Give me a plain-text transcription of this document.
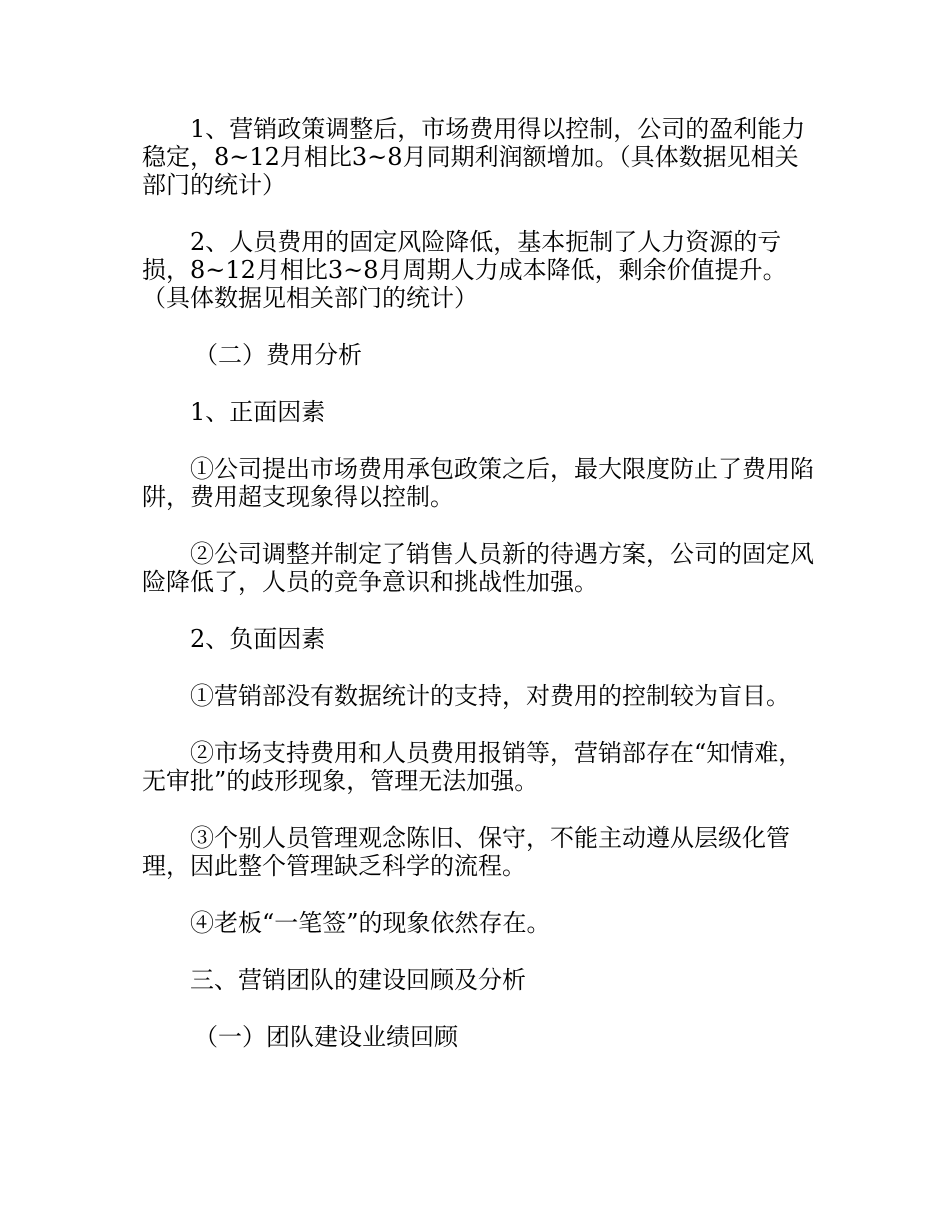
1、营销政策调整后，市场费用得以控制，公司的盈利能力稳定，8~12月相比3~8月同期利润额增加。（具体数据见相关部门的统计）

2、人员费用的固定风险降低，基本扼制了人力资源的亏损，8~12月相比3~8月周期人力成本降低，剩余价值提升。（具体数据见相关部门的统计）

（二）费用分析

1、正面因素

①公司提出市场费用承包政策之后，最大限度防止了费用陷阱，费用超支现象得以控制。

②公司调整并制定了销售人员新的待遇方案，公司的固定风险降低了，人员的竞争意识和挑战性加强。

2、负面因素

①营销部没有数据统计的支持，对费用的控制较为盲目。

②市场支持费用和人员费用报销等，营销部存在“知情难，无审批”的歧形现象，管理无法加强。

③个别人员管理观念陈旧、保守，不能主动遵从层级化管理，因此整个管理缺乏科学的流程。

④老板“一笔签”的现象依然存在。

三、营销团队的建设回顾及分析

（一）团队建设业绩回顾
